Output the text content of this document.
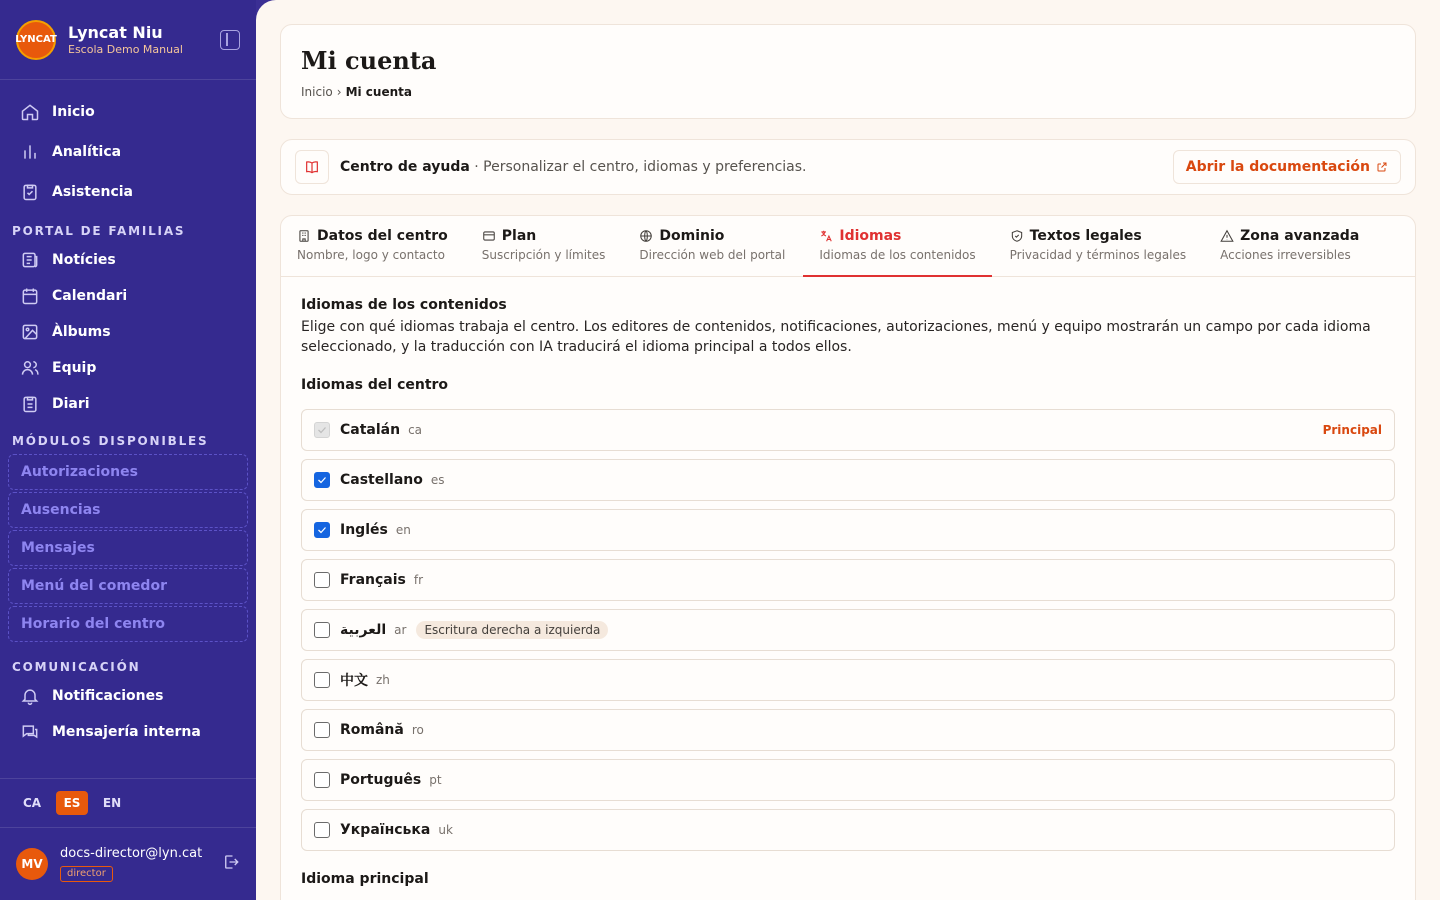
LYNCAT Lyncat Niu
Escola Demo Manual
Inicio
Analítica
Asistencia
PORTAL DE FAMILIAS
Notícies
Calendari
Àlbums
Equip
Diari
MÓDULOS DISPONIBLES
Autorizaciones
Ausencias
Mensajes
Menú del comedor
Horario del centro
COMUNICACIÓN
Notificaciones
Mensajería interna
CA	ES	EN
MV
docs-director@lyn.cat
director
Mi cuenta
Inicio › Mi cuenta
Centro de ayuda · Personalizar el centro, idiomas y preferencias.	Abrir la documentación
Datos del centro
Nombre, logo y contacto
Plan
Suscripción y límites
Dominio
Dirección web del portal
Idiomas
Idiomas de los contenidos
Textos legales
Privacidad y términos legales
Zona avanzada
Acciones irreversibles
Idiomas de los contenidos
Elige con qué idiomas trabaja el centro. Los editores de contenidos, notificaciones, autorizaciones, menú y equipo mostrarán un campo por cada idioma seleccionado, y la traducción con IA traducirá el idioma principal a todos ellos.
Idiomas del centro
Catalán ca	Principal
Castellano es
Inglés en
Français fr
العربية ar	Escritura derecha a izquierda
中文 zh
Română ro
Português pt
Українська uk
Idioma principal
